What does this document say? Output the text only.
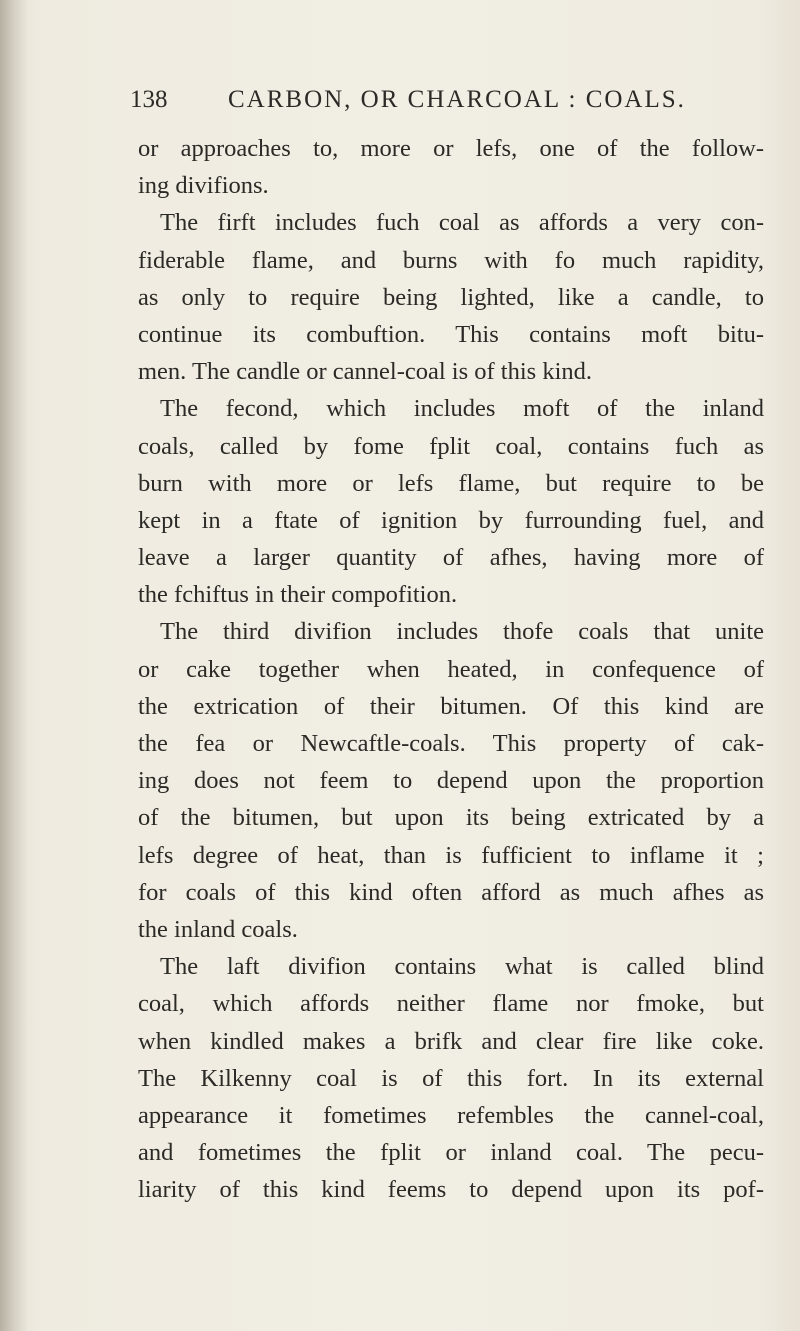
138 CARBON, OR CHARCOAL : COALS.
or approaches to, more or lefs, one of the follow-
ing divifions.
The firft includes fuch coal as affords a very con-
fiderable flame, and burns with fo much rapidity,
as only to require being lighted, like a candle, to
continue its combuftion. This contains moft bitu-
men. The candle or cannel-coal is of this kind.
The fecond, which includes moft of the inland
coals, called by fome fplit coal, contains fuch as
burn with more or lefs flame, but require to be
kept in a ftate of ignition by furrounding fuel, and
leave a larger quantity of afhes, having more of
the fchiftus in their compofition.
The third divifion includes thofe coals that unite
or cake together when heated, in confequence of
the extrication of their bitumen. Of this kind are
the fea or Newcaftle-coals. This property of cak-
ing does not feem to depend upon the proportion
of the bitumen, but upon its being extricated by a
lefs degree of heat, than is fufficient to inflame it ;
for coals of this kind often afford as much afhes as
the inland coals.
The laft divifion contains what is called blind
coal, which affords neither flame nor fmoke, but
when kindled makes a brifk and clear fire like coke.
The Kilkenny coal is of this fort. In its external
appearance it fometimes refembles the cannel-coal,
and fometimes the fplit or inland coal. The pecu-
liarity of this kind feems to depend upon its pof-
